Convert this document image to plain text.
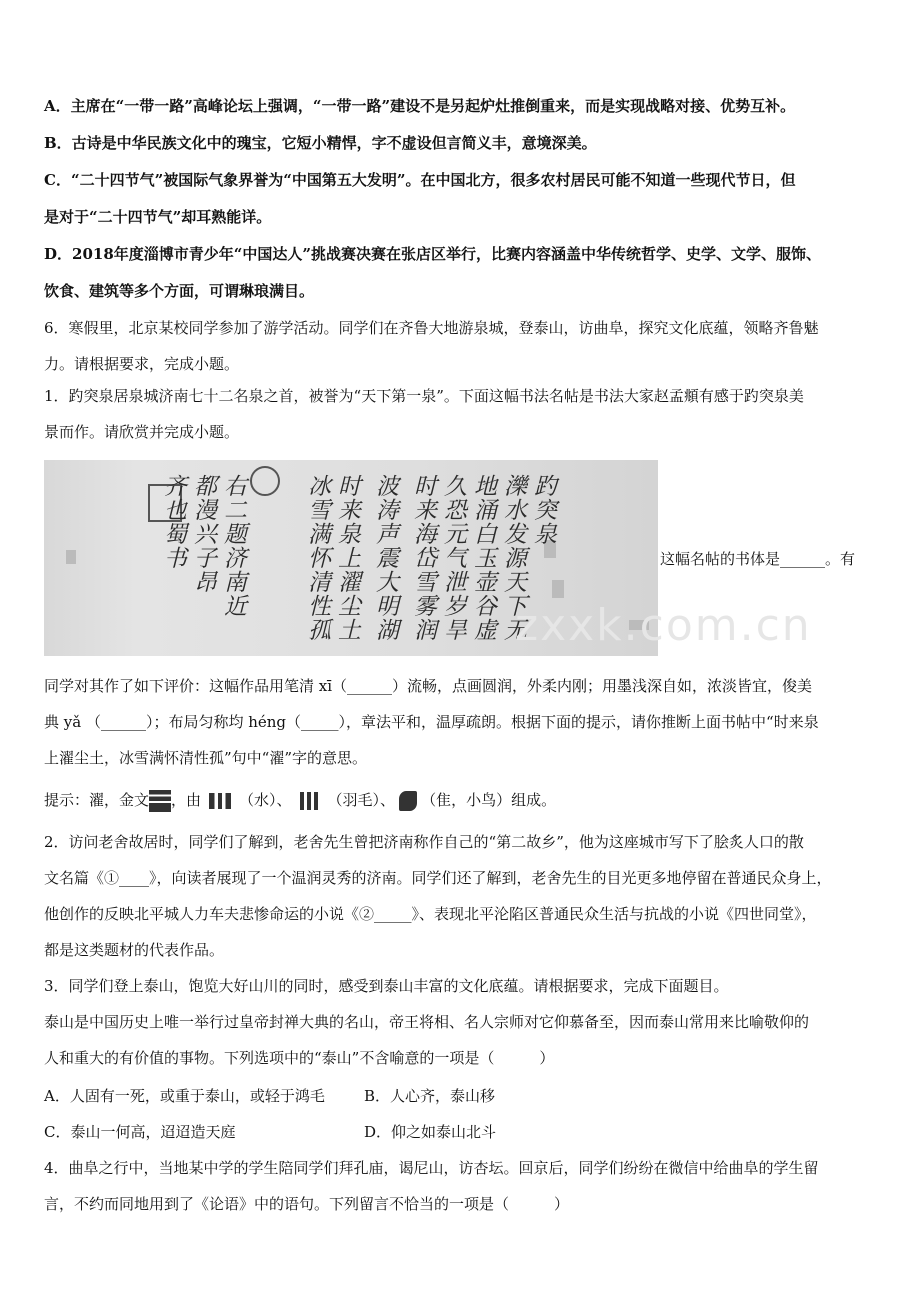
A．主席在“一带一路”高峰论坛上强调，“一带一路”建设不是另起炉灶推倒重来，而是实现战略对接、优势互补。
B．古诗是中华民族文化中的瑰宝，它短小精悍，字不虚设但言简义丰，意境深美。
C．“二十四节气”被国际气象界誉为“中国第五大发明”。在中国北方，很多农村居民可能不知道一些现代节日，但
是对于“二十四节气”却耳熟能详。
D．2018年度淄博市青少年“中国达人”挑战赛决赛在张店区举行，比赛内容涵盖中华传统哲学、史学、文学、服饰、
饮食、建筑等多个方面，可谓琳琅满目。
6．寒假里，北京某校同学参加了游学活动。同学们在齐鲁大地游泉城，登泰山，访曲阜，探究文化底蕴，领略齐鲁魅
力。请根据要求，完成小题。
1．趵突泉居泉城济南七十二名泉之首，被誉为“天下第一泉”。下面这幅书法名帖是书法大家赵孟頫有感于趵突泉美
景而作。请欣赏并完成小题。
趵突泉
濼水发源天下无
地涌白玉壶谷虚
久恐元气泄岁旱
时来海岱雪雾润
波涛声震大明湖
时来泉上濯尘土
冰雪满怀清性孤
右二题济南近
都漫兴子昂
齐也蜀书	这幅名帖的书体是______。有
同学对其作了如下评价：这幅作品用笔清 xī（______）流畅，点画圆润，外柔内刚；用墨浅深自如，浓淡皆宜，俊美
典 yǎ （______）；布局匀称均 héng（_____），章法平和，温厚疏朗。根据下面的提示，请你推断上面书帖中“时来泉
上濯尘土，冰雪满怀清性孤”句中“濯”字的意思。
提示：濯，金文 ，由	（水）、 （羽毛）、 （隹，小鸟）组成。
2．访问老舍故居时，同学们了解到，老舍先生曾把济南称作自己的“第二故乡”，他为这座城市写下了脍炙人口的散
文名篇《①____》，向读者展现了一个温润灵秀的济南。同学们还了解到，老舍先生的目光更多地停留在普通民众身上，
他创作的反映北平城人力车夫悲惨命运的小说《②_____》、表现北平沦陷区普通民众生活与抗战的小说《四世同堂》，
都是这类题材的代表作品。
3．同学们登上泰山，饱览大好山川的同时，感受到泰山丰富的文化底蕴。请根据要求，完成下面题目。
泰山是中国历史上唯一举行过皇帝封禅大典的名山，帝王将相、名人宗师对它仰慕备至，因而泰山常用来比喻敬仰的
人和重大的有价值的事物。下列选项中的“泰山”不含喻意的一项是（　　　）
A．人固有一死，或重于泰山，或轻于鸿毛	B．人心齐，泰山移
C．泰山一何高，迢迢造天庭	D．仰之如泰山北斗
4．曲阜之行中，当地某中学的学生陪同学们拜孔庙，谒尼山，访杏坛。回京后，同学们纷纷在微信中给曲阜的学生留
言，不约而同地用到了《论语》中的语句。下列留言不恰当的一项是（　　　）
zxxk.com.cn
